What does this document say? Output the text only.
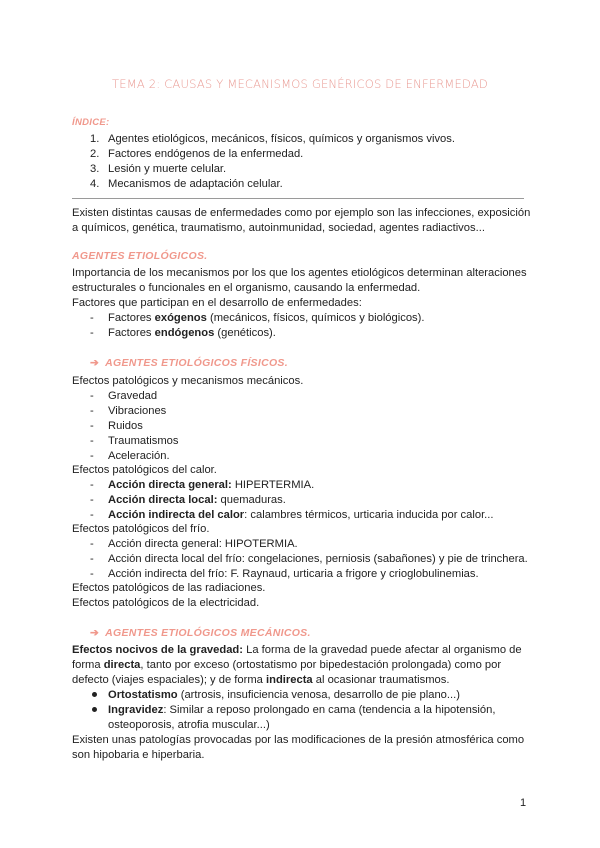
TEMA 2: CAUSAS Y MECANISMOS GENÉRICOS DE ENFERMEDAD
ÍNDICE:
1. Agentes etiológicos, mecánicos, físicos, químicos y organismos vivos.
2. Factores endógenos de la enfermedad.
3. Lesión y muerte celular.
4. Mecanismos de adaptación celular.
Existen distintas causas de enfermedades como por ejemplo son las infecciones, exposición
a químicos, genética, traumatismo, autoinmunidad, sociedad, agentes radiactivos...
AGENTES ETIOLÓGICOS.
Importancia de los mecanismos por los que los agentes etiológicos determinan alteraciones
estructurales o funcionales en el organismo, causando la enfermedad.
Factores que participan en el desarrollo de enfermedades:
- Factores exógenos (mecánicos, físicos, químicos y biológicos).
- Factores endógenos (genéticos).
➔ AGENTES ETIOLÓGICOS FÍSICOS.
Efectos patológicos y mecanismos mecánicos.
- Gravedad
- Vibraciones
- Ruidos
- Traumatismos
- Aceleración.
Efectos patológicos del calor.
- Acción directa general: HIPERTERMIA.
- Acción directa local: quemaduras.
- Acción indirecta del calor: calambres térmicos, urticaria inducida por calor...
Efectos patológicos del frío.
- Acción directa general: HIPOTERMIA.
- Acción directa local del frío: congelaciones, perniosis (sabañones) y pie de trinchera.
- Acción indirecta del frío: F. Raynaud, urticaria a frigore y crioglobulinemias.
Efectos patológicos de las radiaciones.
Efectos patológicos de la electricidad.
➔ AGENTES ETIOLÓGICOS MECÁNICOS.
Efectos nocivos de la gravedad: La forma de la gravedad puede afectar al organismo de
forma directa, tanto por exceso (ortostatismo por bipedestación prolongada) como por
defecto (viajes espaciales); y de forma indirecta al ocasionar traumatismos.
Ortostatismo (artrosis, insuficiencia venosa, desarrollo de pie plano...)
Ingravidez: Similar a reposo prolongado en cama (tendencia a la hipotensión,
osteoporosis, atrofia muscular...)
Existen unas patologías provocadas por las modificaciones de la presión atmosférica como
son hipobaria e hiperbaria.
1
